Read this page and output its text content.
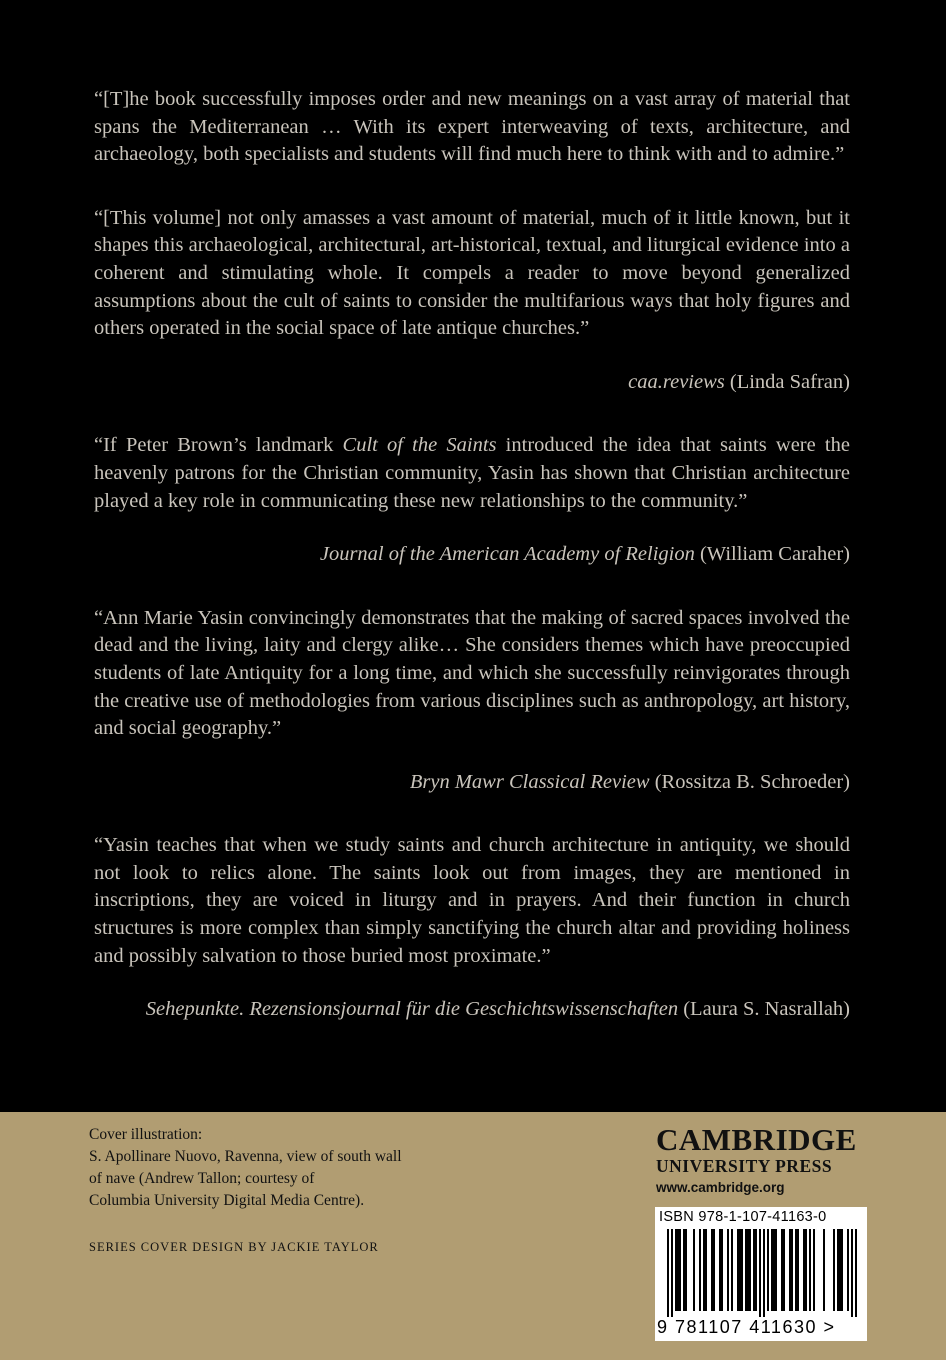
“[T]he book successfully imposes order and new meanings on a vast array of material that spans the Mediterranean … With its expert interweaving of texts, architecture, and archaeology, both specialists and students will find much here to think with and to admire.”

“[This volume] not only amasses a vast amount of material, much of it little known, but it shapes this archaeological, architectural, art-historical, textual, and liturgical evidence into a coherent and stimulating whole. It compels a reader to move beyond generalized assumptions about the cult of saints to consider the multifarious ways that holy figures and others operated in the social space of late antique churches.”

caa.reviews (Linda Safran)

“If Peter Brown’s landmark Cult of the Saints introduced the idea that saints were the heavenly patrons for the Christian community, Yasin has shown that Christian architecture played a key role in communicating these new relationships to the community.”

Journal of the American Academy of Religion (William Caraher)

“Ann Marie Yasin convincingly demonstrates that the making of sacred spaces involved the dead and the living, laity and clergy alike… She considers themes which have preoccupied students of late Antiquity for a long time, and which she successfully reinvigorates through the creative use of methodologies from various disciplines such as anthropology, art history, and social geography.”

Bryn Mawr Classical Review (Rossitza B. Schroeder)

“Yasin teaches that when we study saints and church architecture in antiquity, we should not look to relics alone. The saints look out from images, they are mentioned in inscriptions, they are voiced in liturgy and in prayers. And their function in church structures is more complex than simply sanctifying the church altar and providing holiness and possibly salvation to those buried most proximate.”

Sehepunkte. Rezensionsjournal für die Geschichtswissenschaften (Laura S. Nasrallah)

Cover illustration:
S. Apollinare Nuovo, Ravenna, view of south wall
of nave (Andrew Tallon; courtesy of
Columbia University Digital Media Centre).
SERIES COVER DESIGN BY JACKIE TAYLOR
CAMBRIDGE
UNIVERSITY PRESS
www.cambridge.org
ISBN 978-1-107-41163-0
9 781107 411630 >
